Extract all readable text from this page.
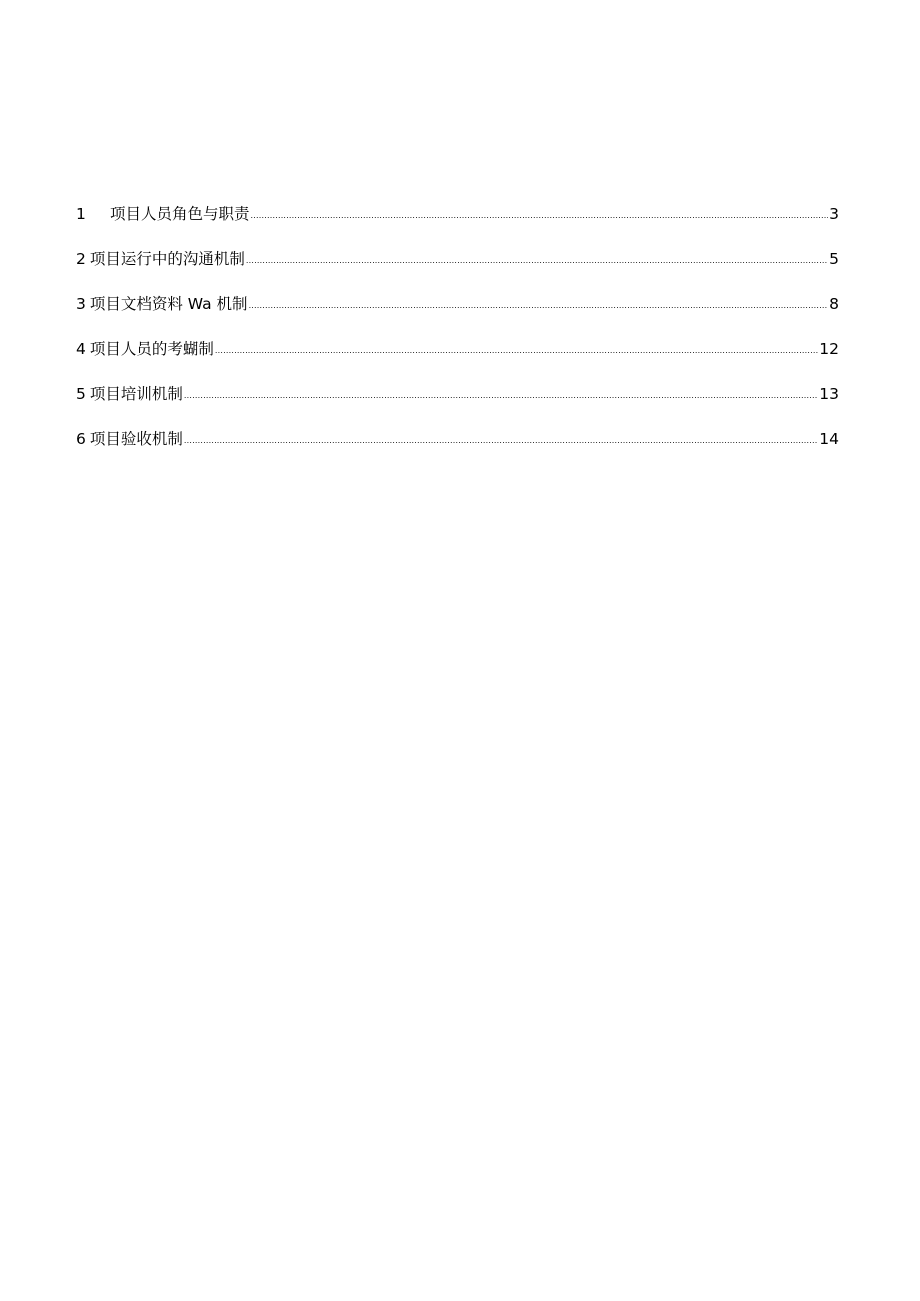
1	项目人员角色与职责 .....	3
2 项目运行中的沟通机制 .....	5
3 项目文档资料 Wa 机制 .....	8
4 项目人员的考蝴制 .....	12
5 项目培训机制 .....	13
6 项目验收机制 .....	14
